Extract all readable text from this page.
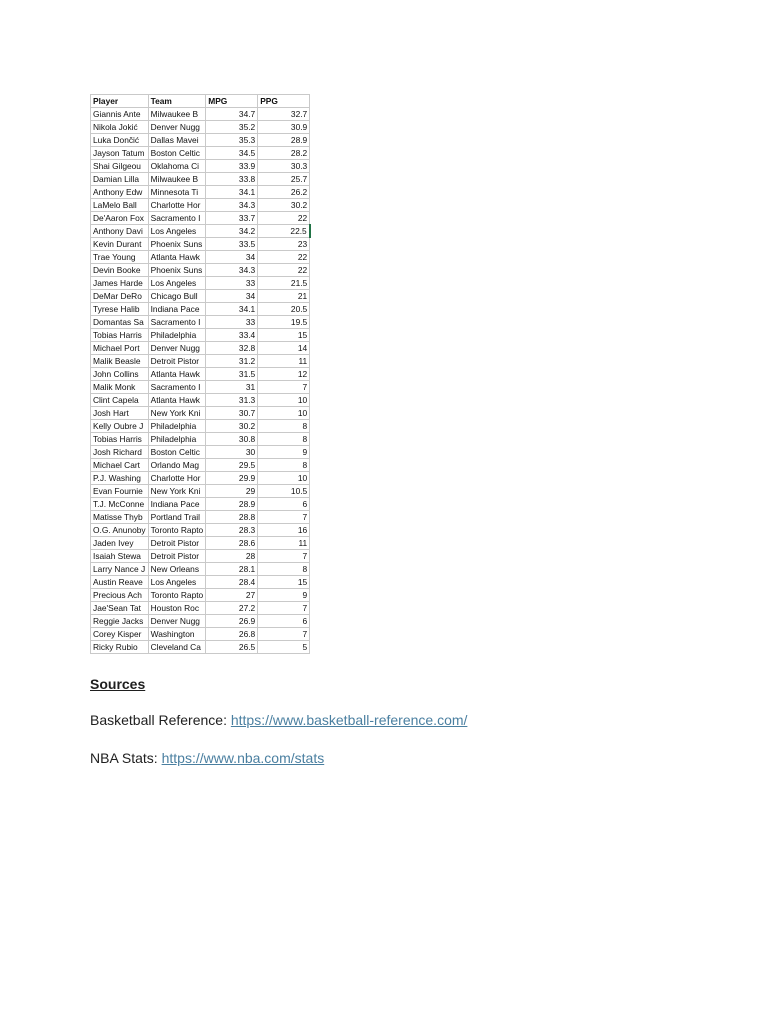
Player	Team	MPG	PPG
Giannis Ante	Milwaukee B	34.7	32.7
Nikola Jokić	Denver Nugg	35.2	30.9
Luka Dončić	Dallas Mavei	35.3	28.9
Jayson Tatum	Boston Celtic	34.5	28.2
Shai Gilgeou	Oklahoma Ci	33.9	30.3
Damian Lilla	Milwaukee B	33.8	25.7
Anthony Edw	Minnesota Ti	34.1	26.2
LaMelo Ball	Charlotte Hor	34.3	30.2
De'Aaron Fox	Sacramento I	33.7	22
Anthony Davi	Los Angeles	34.2	22.5
Kevin Durant	Phoenix Suns	33.5	23
Trae Young	Atlanta Hawk	34	22
Devin Booke	Phoenix Suns	34.3	22
James Harde	Los Angeles	33	21.5
DeMar DeRo	Chicago Bull	34	21
Tyrese Halib	Indiana Pace	34.1	20.5
Domantas Sa	Sacramento I	33	19.5
Tobias Harris	Philadelphia	33.4	15
Michael Port	Denver Nugg	32.8	14
Malik Beasle	Detroit Pistor	31.2	11
John Collins	Atlanta Hawk	31.5	12
Malik Monk	Sacramento I	31	7
Clint Capela	Atlanta Hawk	31.3	10
Josh Hart	New York Kni	30.7	10
Kelly Oubre J	Philadelphia	30.2	8
Tobias Harris	Philadelphia	30.8	8
Josh Richard	Boston Celtic	30	9
Michael Cart	Orlando Mag	29.5	8
P.J. Washing	Charlotte Hor	29.9	10
Evan Fournie	New York Kni	29	10.5
T.J. McConne	Indiana Pace	28.9	6
Matisse Thyb	Portland Trail	28.8	7
O.G. Anunoby	Toronto Rapto	28.3	16
Jaden Ivey	Detroit Pistor	28.6	11
Isaiah Stewa	Detroit Pistor	28	7
Larry Nance J	New Orleans	28.1	8
Austin Reave	Los Angeles	28.4	15
Precious Ach	Toronto Rapto	27	9
Jae'Sean Tat	Houston Roc	27.2	7
Reggie Jacks	Denver Nugg	26.9	6
Corey Kisper	Washington	26.8	7
Ricky Rubio	Cleveland Ca	26.5	5
Sources
Basketball Reference: https://www.basketball-reference.com/
NBA Stats: https://www.nba.com/stats
